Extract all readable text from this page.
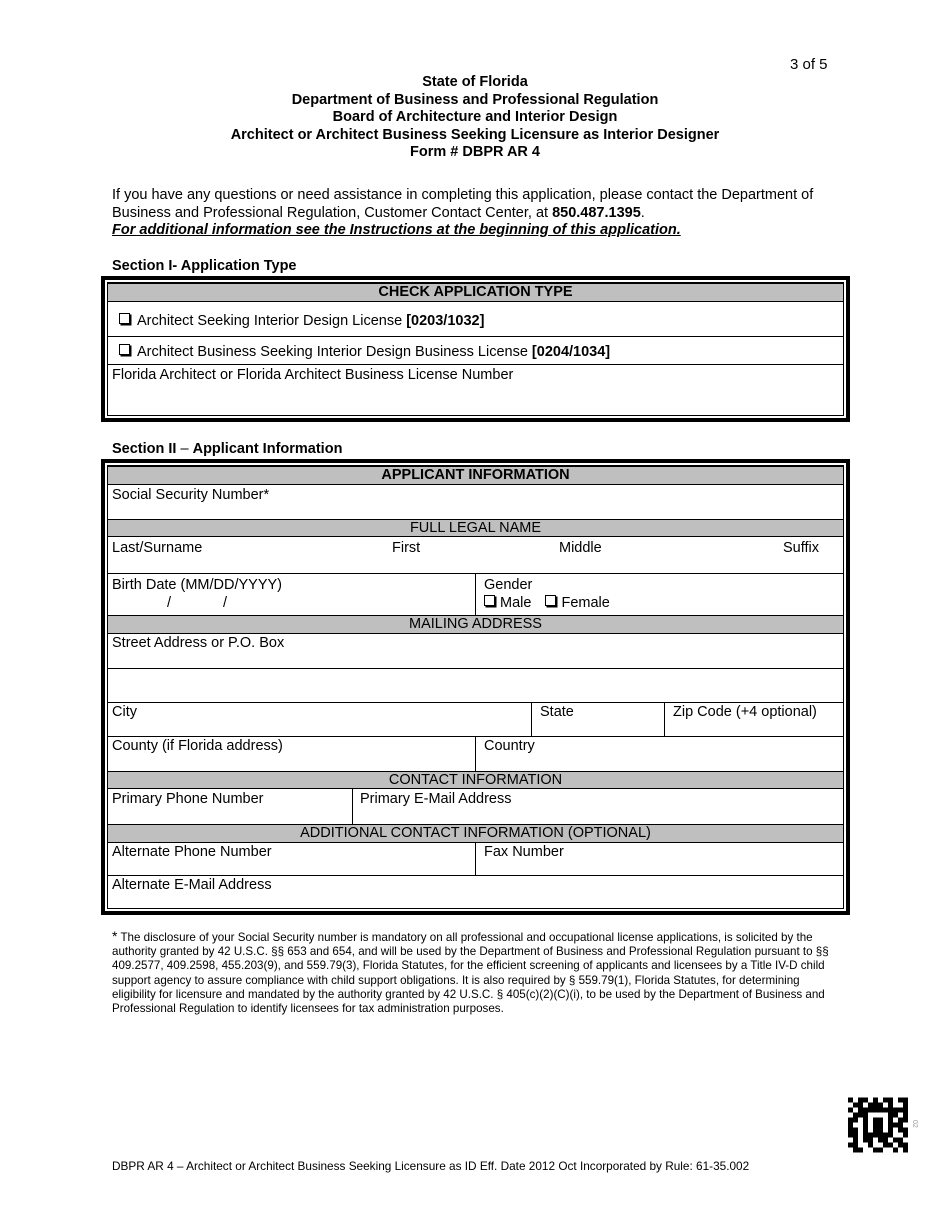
3 of 5
State of Florida
Department of Business and Professional Regulation
Board of Architecture and Interior Design
Architect or Architect Business Seeking Licensure as Interior Designer
Form # DBPR AR 4
If you have any questions or need assistance in completing this application, please contact the Department of Business and Professional Regulation, Customer Contact Center, at 850.487.1395.
For additional information see the Instructions at the beginning of this application.
Section I- Application Type
CHECK APPLICATION TYPE
Architect Seeking Interior Design License [0203/1032]
Architect Business Seeking Interior Design Business License [0204/1034]
Florida Architect or Florida Architect Business License Number
Section II – Applicant Information
APPLICANT INFORMATION
Social Security Number*
FULL LEGAL NAME
Last/Surname	First	Middle	Suffix
Birth Date (MM/DD/YYYY)
/	/
Gender
Male Female
MAILING ADDRESS
Street Address or P.O. Box
City	State	Zip Code (+4 optional)
County (if Florida address)	Country
CONTACT INFORMATION
Primary Phone Number	Primary E-Mail Address
ADDITIONAL CONTACT INFORMATION (OPTIONAL)
Alternate Phone Number	Fax Number
Alternate E-Mail Address
* The disclosure of your Social Security number is mandatory on all professional and occupational license applications, is solicited by the authority granted by 42 U.S.C. §§ 653 and 654, and will be used by the Department of Business and Professional Regulation pursuant to §§ 409.2577, 409.2598, 455.203(9), and 559.79(3), Florida Statutes, for the efficient screening of applicants and licensees by a Title IV-D child support agency to assure compliance with child support obligations. It is also required by § 559.79(1), Florida Statutes, for determining eligibility for licensure and mandated by the authority granted by 42 U.S.C. § 405(c)(2)(C)(i), to be used by the Department of Business and Professional Regulation to identify licensees for tax administration purposes.
02
DBPR AR 4 – Architect or Architect Business Seeking Licensure as ID Eff. Date 2012 Oct Incorporated by Rule: 61-35.002
